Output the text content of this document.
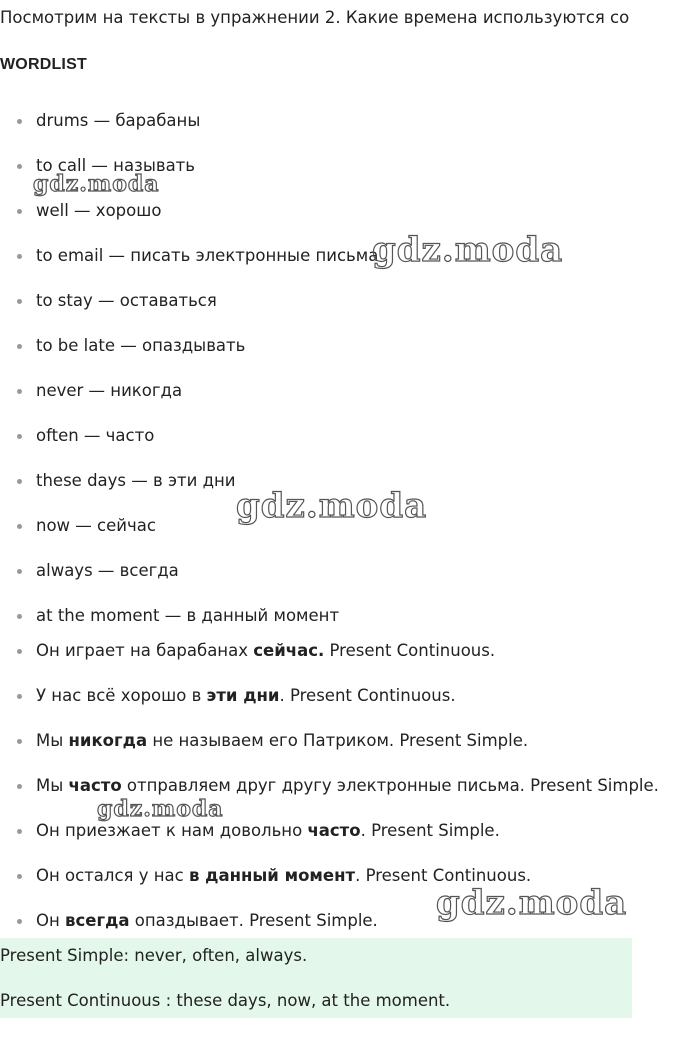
Посмотрим на тексты в упражнении 2. Какие времена используются со
WORDLIST
drums — барабаны
to call — называть
well — хорошо
to email — писать электронные письма
to stay — оставаться
to be late — опаздывать
never — никогда
often — часто
these days — в эти дни
now — сейчас
always — всегда
at the moment — в данный момент
Он играет на барабанах сейчас. Present Continuous.
У нас всё хорошо в эти дни. Present Continuous.
Мы никогда не называем его Патриком. Present Simple.
Мы часто отправляем друг другу электронные письма. Present Simple.
Он приезжает к нам довольно часто. Present Simple.
Он остался у нас в данный момент. Present Continuous.
Он всегда опаздывает. Present Simple.

Present Simple: never, often, always.

Present Continuous : these days, now, at the moment.

gdz.moda
gdz.moda
gdz.moda
gdz.moda
gdz.moda
